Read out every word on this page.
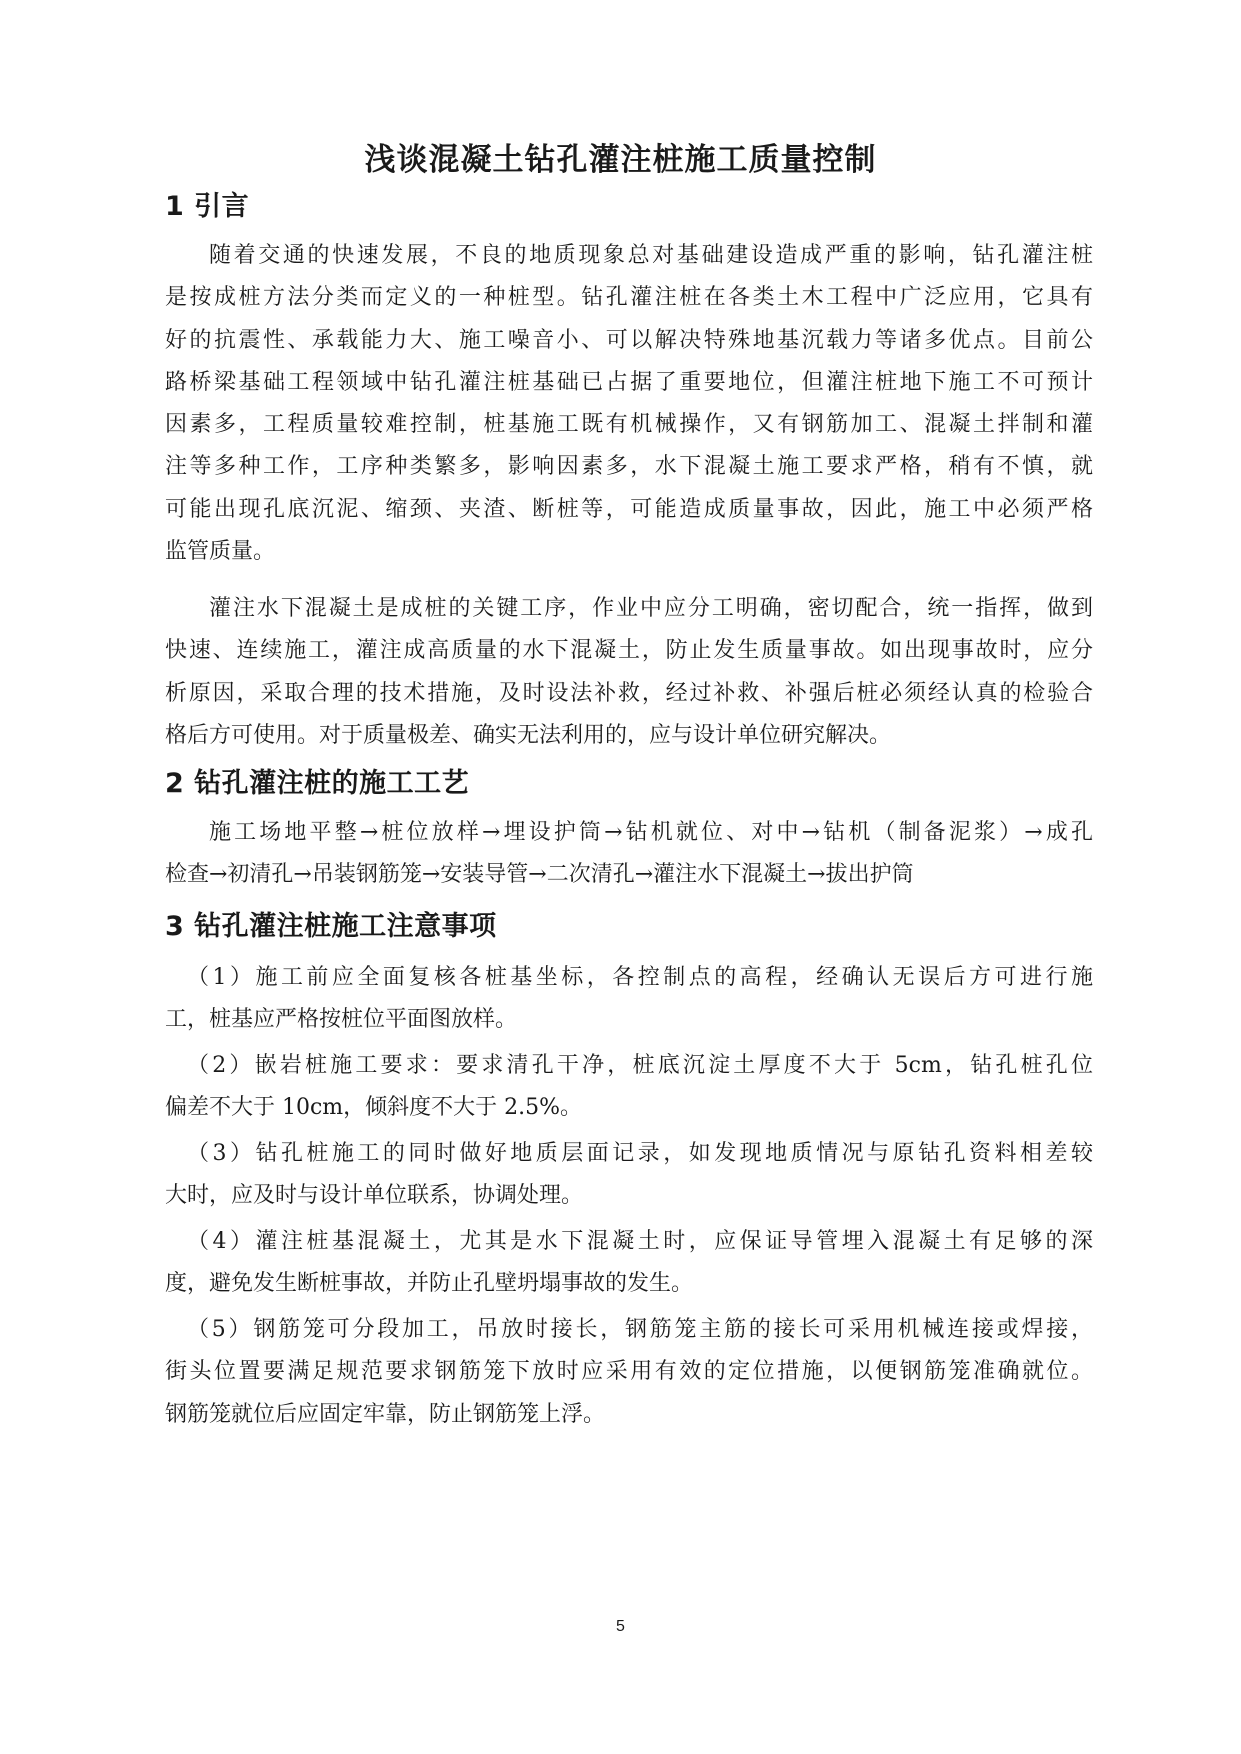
浅谈混凝土钻孔灌注桩施工质量控制
1 引言
随着交通的快速发展，不良的地质现象总对基础建设造成严重的影响，钻孔灌注桩
是按成桩方法分类而定义的一种桩型。钻孔灌注桩在各类土木工程中广泛应用，它具有
好的抗震性、承载能力大、施工噪音小、可以解决特殊地基沉载力等诸多优点。目前公
路桥梁基础工程领域中钻孔灌注桩基础已占据了重要地位，但灌注桩地下施工不可预计
因素多，工程质量较难控制，桩基施工既有机械操作，又有钢筋加工、混凝土拌制和灌
注等多种工作，工序种类繁多，影响因素多，水下混凝土施工要求严格，稍有不慎，就
可能出现孔底沉泥、缩颈、夹渣、断桩等，可能造成质量事故，因此，施工中必须严格
监管质量。
灌注水下混凝土是成桩的关键工序，作业中应分工明确，密切配合，统一指挥，做到
快速、连续施工，灌注成高质量的水下混凝土，防止发生质量事故。如出现事故时，应分
析原因，采取合理的技术措施，及时设法补救，经过补救、补强后桩必须经认真的检验合
格后方可使用。对于质量极差、确实无法利用的，应与设计单位研究解决。
2 钻孔灌注桩的施工工艺
施工场地平整→桩位放样→埋设护筒→钻机就位、对中→钻机（制备泥浆）→成孔
检查→初清孔→吊装钢筋笼→安装导管→二次清孔→灌注水下混凝土→拔出护筒
3 钻孔灌注桩施工注意事项
（1）施工前应全面复核各桩基坐标，各控制点的高程，经确认无误后方可进行施
工，桩基应严格按桩位平面图放样。
（2）嵌岩桩施工要求：要求清孔干净，桩底沉淀土厚度不大于 5cm，钻孔桩孔位
偏差不大于 10cm，倾斜度不大于 2.5%。
（3）钻孔桩施工的同时做好地质层面记录，如发现地质情况与原钻孔资料相差较
大时，应及时与设计单位联系，协调处理。
（4）灌注桩基混凝土，尤其是水下混凝土时，应保证导管埋入混凝土有足够的深
度，避免发生断桩事故，并防止孔壁坍塌事故的发生。
（5）钢筋笼可分段加工，吊放时接长，钢筋笼主筋的接长可采用机械连接或焊接，
街头位置要满足规范要求钢筋笼下放时应采用有效的定位措施，以便钢筋笼准确就位。
钢筋笼就位后应固定牢靠，防止钢筋笼上浮。
5
